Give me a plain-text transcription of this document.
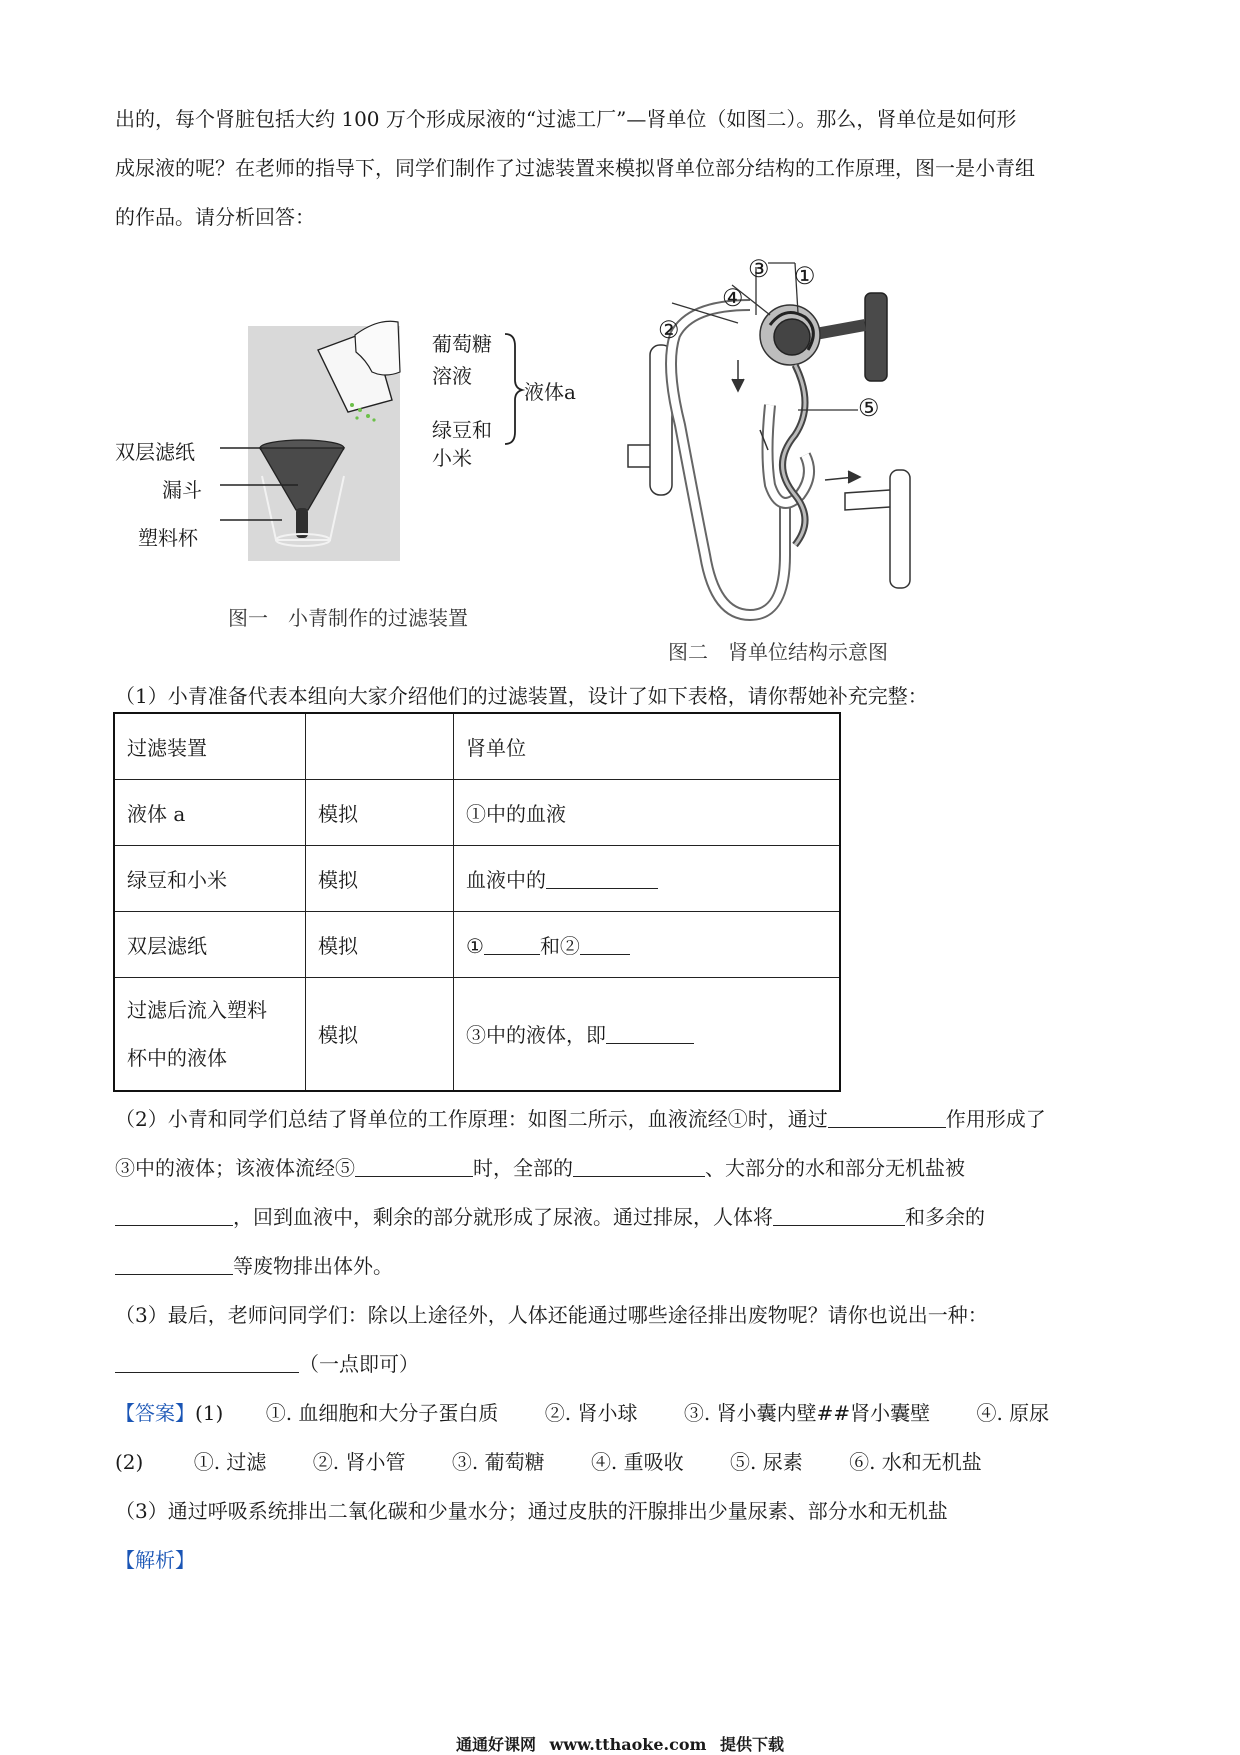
出的，每个肾脏包括大约 100 万个形成尿液的“过滤工厂”—肾单位（如图二）。那么，肾单位是如何形
成尿液的呢？在老师的指导下，同学们制作了过滤装置来模拟肾单位部分结构的工作原理，图一是小青组
的作品。请分析回答：
葡萄糖
溶液
绿豆和
小米
液体a
双层滤纸
漏斗
塑料杯
图一　小青制作的过滤装置
③ ①
④
②
⑤
图二　肾单位结构示意图
（1）小青准备代表本组向大家介绍他们的过滤装置，设计了如下表格，请你帮她补充完整：
过滤装置		肾单位
液体 a	模拟	①中的血液
绿豆和小米	模拟	血液中的
双层滤纸	模拟	① 和②
过滤后流入塑料
杯中的液体	模拟	③中的液体，即
（2）小青和同学们总结了肾单位的工作原理：如图二所示，血液流经①时，通过	作用形成了
③中的液体；该液体流经⑤	时，全部的	、大部分的水和部分无机盐被
，回到血液中，剩余的部分就形成了尿液。通过排尿，人体将	和多余的
等废物排出体外。
（3）最后，老师问同学们：除以上途径外，人体还能通过哪些途径排出废物呢？请你也说出一种：
（一点即可）
【答案】(1) ①. 血细胞和大分子蛋白质 ②. 肾小球 ③. 肾小囊内壁##肾小囊壁 ④. 原尿
(2)	①. 过滤 ②. 肾小管 ③. 葡萄糖 ④. 重吸收 ⑤. 尿素 ⑥. 水和无机盐
（3）通过呼吸系统排出二氧化碳和少量水分；通过皮肤的汗腺排出少量尿素、部分水和无机盐
【解析】
通通好课网 www.tthaoke.com 提供下载
